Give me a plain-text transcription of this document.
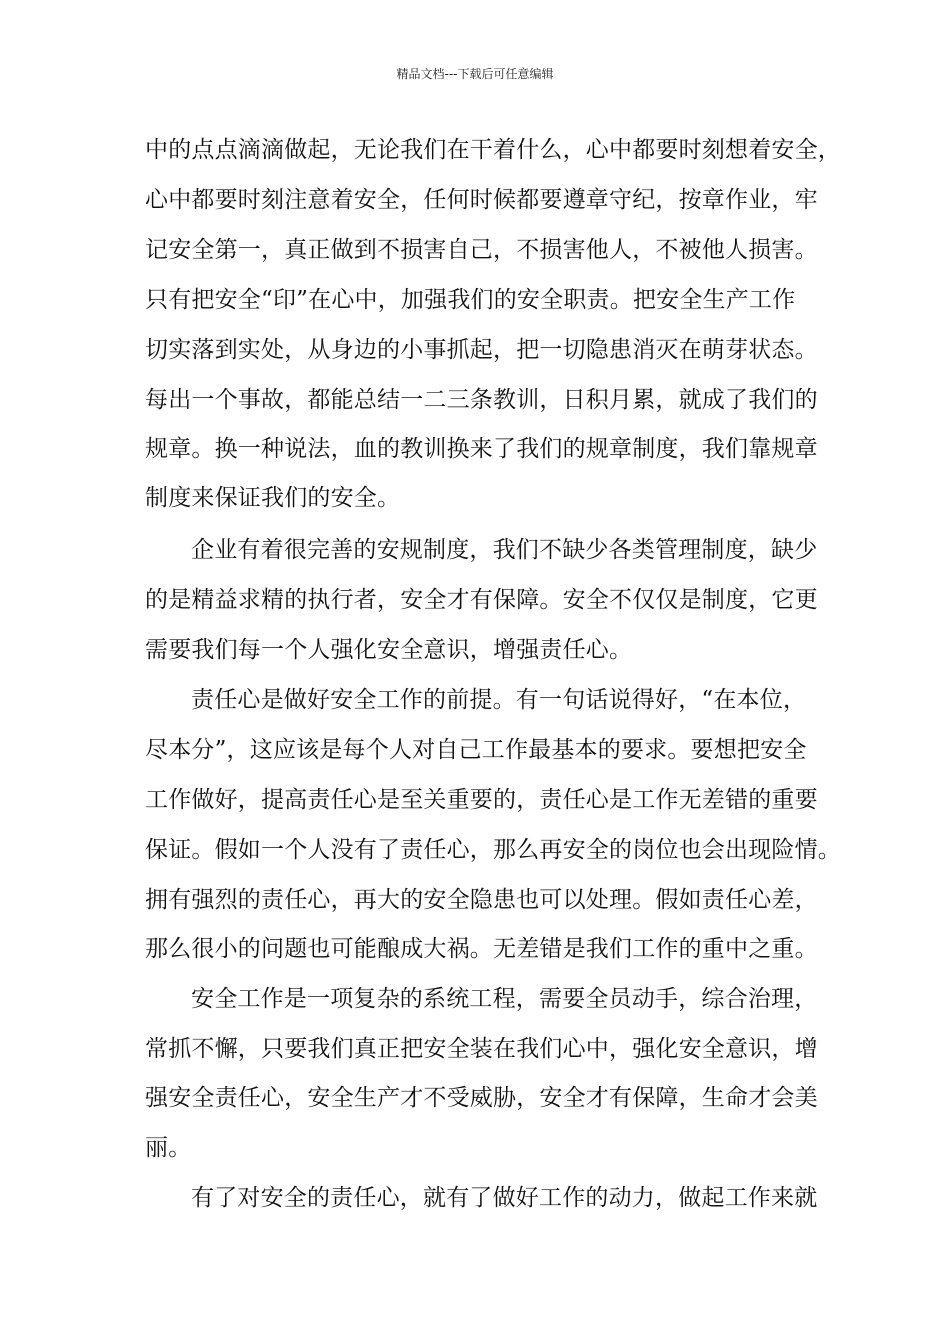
精品文档---下载后可任意编辑
中的点点滴滴做起，无论我们在干着什么，心中都要时刻想着安全，
心中都要时刻注意着安全，任何时候都要遵章守纪，按章作业，牢
记安全第一，真正做到不损害自己，不损害他人，不被他人损害。
只有把安全“印”在心中，加强我们的安全职责。把安全生产工作
切实落到实处，从身边的小事抓起，把一切隐患消灭在萌芽状态。
每出一个事故，都能总结一二三条教训，日积月累，就成了我们的
规章。换一种说法，血的教训换来了我们的规章制度，我们靠规章
制度来保证我们的安全。
企业有着很完善的安规制度，我们不缺少各类管理制度，缺少
的是精益求精的执行者，安全才有保障。安全不仅仅是制度，它更
需要我们每一个人强化安全意识，增强责任心。
责任心是做好安全工作的前提。有一句话说得好，“在本位，
尽本分”，这应该是每个人对自己工作最基本的要求。要想把安全
工作做好，提高责任心是至关重要的，责任心是工作无差错的重要
保证。假如一个人没有了责任心，那么再安全的岗位也会出现险情。
拥有强烈的责任心，再大的安全隐患也可以处理。假如责任心差，
那么很小的问题也可能酿成大祸。无差错是我们工作的重中之重。
安全工作是一项复杂的系统工程，需要全员动手，综合治理，
常抓不懈，只要我们真正把安全装在我们心中，强化安全意识，增
强安全责任心，安全生产才不受威胁，安全才有保障，生命才会美
丽。
有了对安全的责任心，就有了做好工作的动力，做起工作来就
